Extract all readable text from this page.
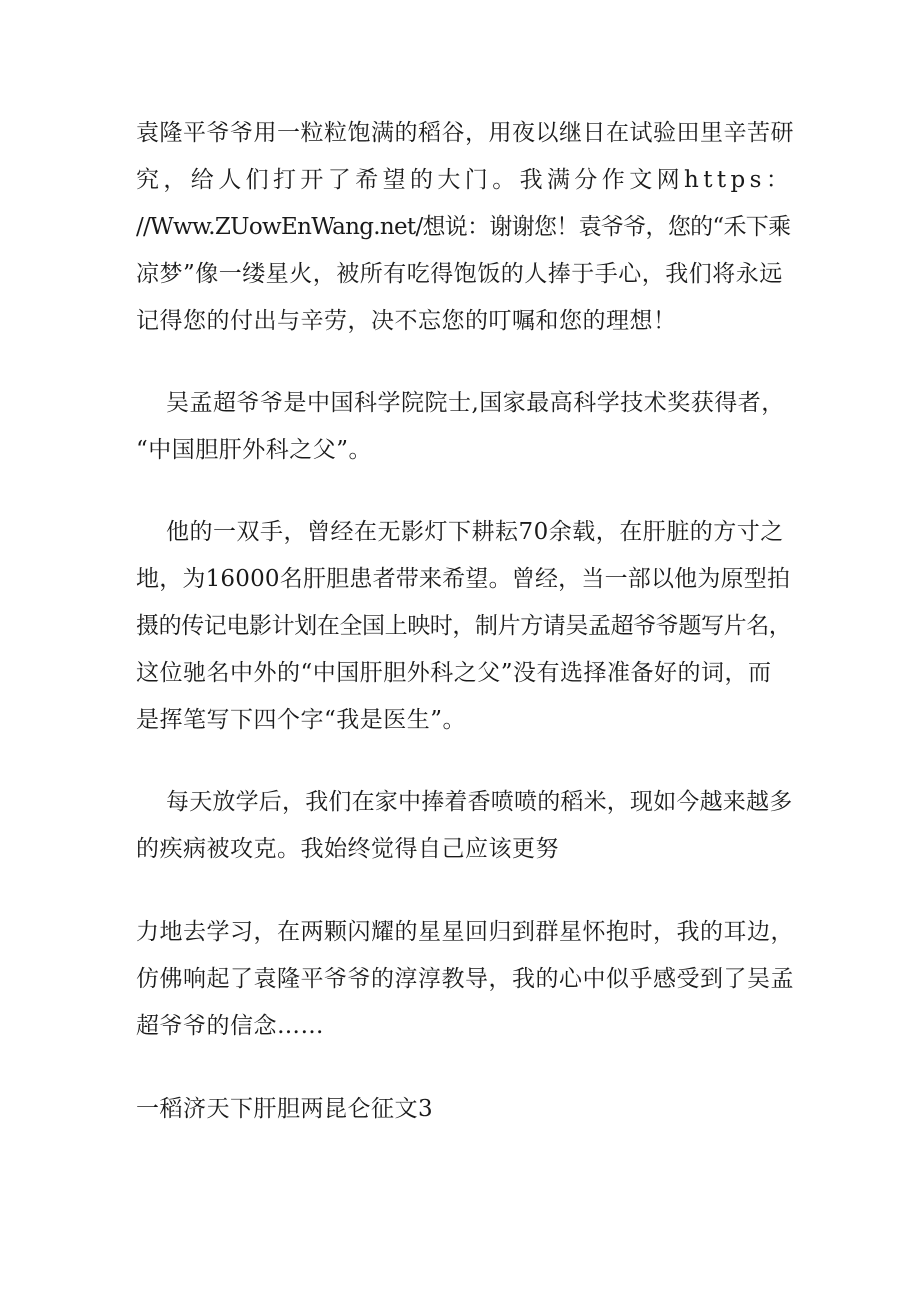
袁隆平爷爷用一粒粒饱满的稻谷，用夜以继日在试验田里辛苦研
究，给人们打开了希望的大门。我满分作文网https：
//Www.ZUowEnWang.net/想说：谢谢您！袁爷爷，您的“禾下乘
凉梦”像一缕星火，被所有吃得饱饭的人捧于手心，我们将永远
记得您的付出与辛劳，决不忘您的叮嘱和您的理想！
吴孟超爷爷是中国科学院院士,国家最高科学技术奖获得者，
“中国胆肝外科之父”。
他的一双手，曾经在无影灯下耕耘70余载，在肝脏的方寸之
地，为16000名肝胆患者带来希望。曾经，当一部以他为原型拍
摄的传记电影计划在全国上映时，制片方请吴孟超爷爷题写片名，
这位驰名中外的“中国肝胆外科之父”没有选择准备好的词，而
是挥笔写下四个字“我是医生”。
每天放学后，我们在家中捧着香喷喷的稻米，现如今越来越多
的疾病被攻克。我始终觉得自己应该更努
力地去学习，在两颗闪耀的星星回归到群星怀抱时，我的耳边，
仿佛响起了袁隆平爷爷的淳淳教导，我的心中似乎感受到了吴孟
超爷爷的信念……
一稻济天下肝胆两昆仑征文3
